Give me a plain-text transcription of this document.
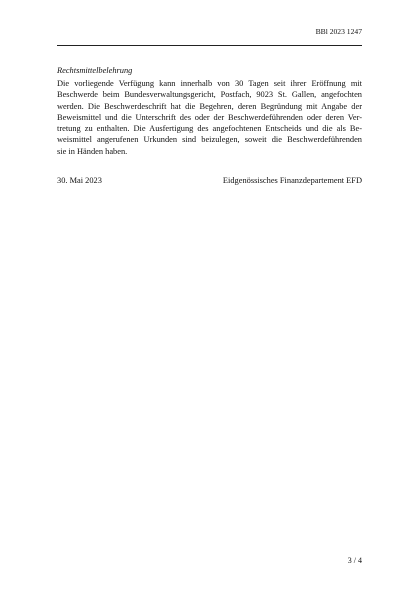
BBl 2023 1247
Rechtsmittelbelehrung
Die vorliegende Verfügung kann innerhalb von 30 Tagen seit ihrer Eröffnung mit
Beschwerde beim Bundesverwaltungsgericht, Postfach, 9023 St. Gallen, angefochten
werden. Die Beschwerdeschrift hat die Begehren, deren Begründung mit Angabe der
Beweismittel und die Unterschrift des oder der Beschwerdeführenden oder deren Ver-
tretung zu enthalten. Die Ausfertigung des angefochtenen Entscheids und die als Be-
weismittel angerufenen Urkunden sind beizulegen, soweit die Beschwerdeführenden
sie in Händen haben.
30. Mai 2023	Eidgenössisches Finanzdepartement EFD
3 / 4
